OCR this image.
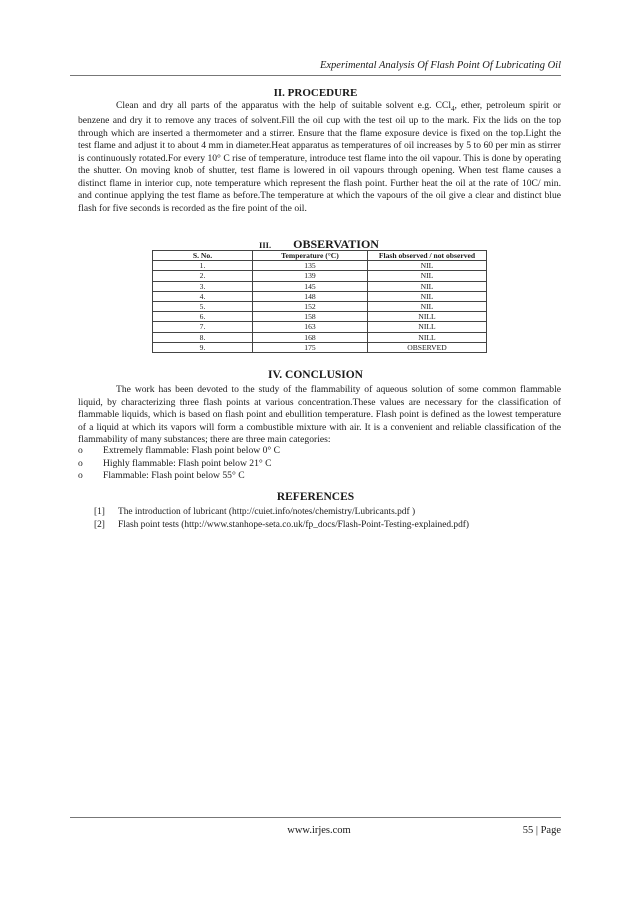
Experimental Analysis Of Flash Point Of Lubricating Oil
II. PROCEDURE
Clean and dry all parts of the apparatus with the help of suitable solvent e.g. CCl$_4$, ether, petroleum spirit or benzene and dry it to remove any traces of solvent.Fill the oil cup with the test oil up to the mark. Fix the lids on the top through which are inserted a thermometer and a stirrer. Ensure that the flame exposure device is fixed on the top.Light the test flame and adjust it to about 4 mm in diameter.Heat apparatus as temperatures of oil increases by 5 to 60 per min as stirrer is continuously rotated.For every 10° C rise of temperature, introduce test flame into the oil vapour. This is done by operating the shutter. On moving knob of shutter, test flame is lowered in oil vapours through opening. When test flame causes a distinct flame in interior cup, note temperature which represent the flash point. Further heat the oil at the rate of 10C/ min. and continue applying the test flame as before.The temperature at which the vapours of the oil give a clear and distinct blue flash for five seconds is recorded as the fire point of the oil.
III. OBSERVATION
S. No.	Temperature (°C)	Flash observed / not observed
1.	135	NIL
2.	139	NIL
3.	145	NIL
4.	148	NIL
5.	152	NIL
6.	158	NILL
7.	163	NILL
8.	168	NILL
9.	175	OBSERVED
IV. CONCLUSION
The work has been devoted to the study of the flammability of aqueous solution of some common flammable liquid, by characterizing three flash points at various concentration.These values are necessary for the classification of flammable liquids, which is based on flash point and ebullition temperature. Flash point is defined as the lowest temperature of a liquid at which its vapors will form a combustible mixture with air. It is a convenient and reliable classification of the flammability of many substances; there are three main categories:
o	Extremely flammable: Flash point below 0° C
o	Highly flammable: Flash point below 21° C
o	Flammable: Flash point below 55° C
REFERENCES
[1]	The introduction of lubricant (http://cuiet.info/notes/chemistry/Lubricants.pdf )
[2]	Flash point tests (http://www.stanhope-seta.co.uk/fp_docs/Flash-Point-Testing-explained.pdf)
www.irjes.com	55 | Page
